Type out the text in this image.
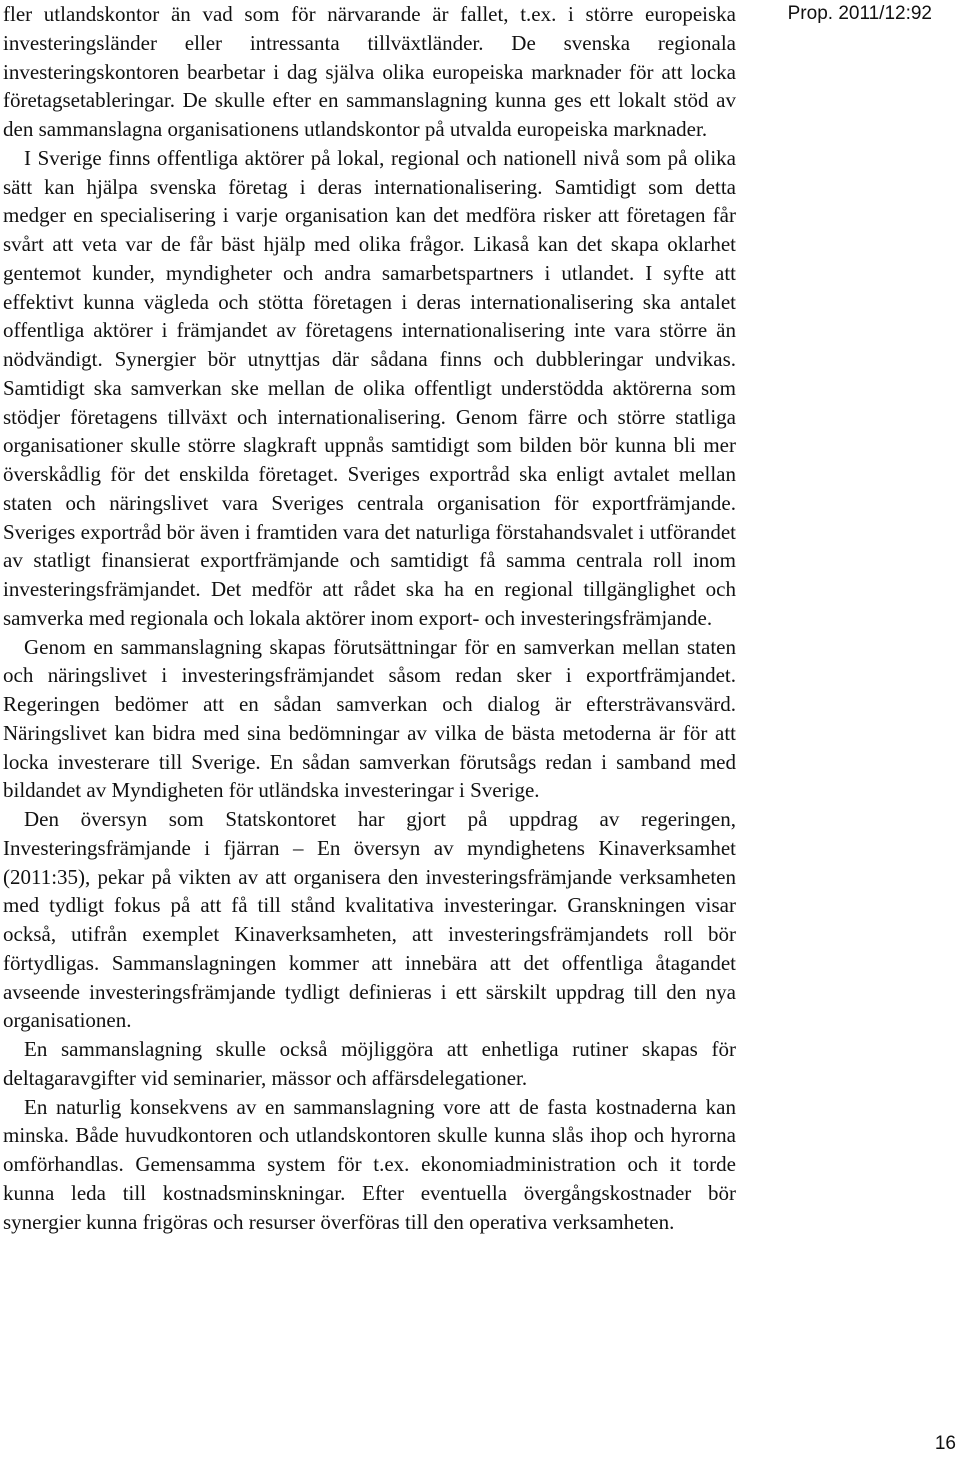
fler utlandskontor än vad som för närvarande är fallet, t.ex. i större europeiska investeringsländer eller intressanta tillväxtländer. De svenska regionala investeringskontoren bearbetar i dag själva olika europeiska marknader för att locka företagsetableringar. De skulle efter en sammanslagning kunna ges ett lokalt stöd av den sammanslagna organisationens utlandskontor på utvalda europeiska marknader.

I Sverige finns offentliga aktörer på lokal, regional och nationell nivå som på olika sätt kan hjälpa svenska företag i deras internationalisering. Samtidigt som detta medger en specialisering i varje organisation kan det medföra risker att företagen får svårt att veta var de får bäst hjälp med olika frågor. Likaså kan det skapa oklarhet gentemot kunder, myndigheter och andra samarbetspartners i utlandet. I syfte att effektivt kunna vägleda och stötta företagen i deras internationalisering ska antalet offentliga aktörer i främjandet av företagens internationalisering inte vara större än nödvändigt. Synergier bör utnyttjas där sådana finns och dubbleringar undvikas. Samtidigt ska samverkan ske mellan de olika offentligt understödda aktörerna som stödjer företagens tillväxt och internationalisering. Genom färre och större statliga organisationer skulle större slagkraft uppnås samtidigt som bilden bör kunna bli mer överskådlig för det enskilda företaget. Sveriges exportråd ska enligt avtalet mellan staten och näringslivet vara Sveriges centrala organisation för exportfrämjande. Sveriges exportråd bör även i framtiden vara det naturliga förstahandsvalet i utförandet av statligt finansierat exportfrämjande och samtidigt få samma centrala roll inom investeringsfrämjandet. Det medför att rådet ska ha en regional tillgänglighet och samverka med regionala och lokala aktörer inom export- och investeringsfrämjande.

Genom en sammanslagning skapas förutsättningar för en samverkan mellan staten och näringslivet i investeringsfrämjandet såsom redan sker i exportfrämjandet. Regeringen bedömer att en sådan samverkan och dialog är eftersträvansvärd. Näringslivet kan bidra med sina bedömningar av vilka de bästa metoderna är för att locka investerare till Sverige. En sådan samverkan förutsågs redan i samband med bildandet av Myndigheten för utländska investeringar i Sverige.

Den översyn som Statskontoret har gjort på uppdrag av regeringen, Investeringsfrämjande i fjärran – En översyn av myndighetens Kinaverksamhet (2011:35), pekar på vikten av att organisera den investeringsfrämjande verksamheten med tydligt fokus på att få till stånd kvalitativa investeringar. Granskningen visar också, utifrån exemplet Kinaverksamheten, att investeringsfrämjandets roll bör förtydligas. Sammanslagningen kommer att innebära att det offentliga åtagandet avseende investeringsfrämjande tydligt definieras i ett särskilt uppdrag till den nya organisationen.

En sammanslagning skulle också möjliggöra att enhetliga rutiner skapas för deltagaravgifter vid seminarier, mässor och affärsdelegationer.

En naturlig konsekvens av en sammanslagning vore att de fasta kostnaderna kan minska. Både huvudkontoren och utlandskontoren skulle kunna slås ihop och hyrorna omförhandlas. Gemensamma system för t.ex. ekonomiadministration och it torde kunna leda till kostnadsminskningar. Efter eventuella övergångskostnader bör synergier kunna frigöras och resurser överföras till den operativa verksamheten.

Prop. 2011/12:92
16
